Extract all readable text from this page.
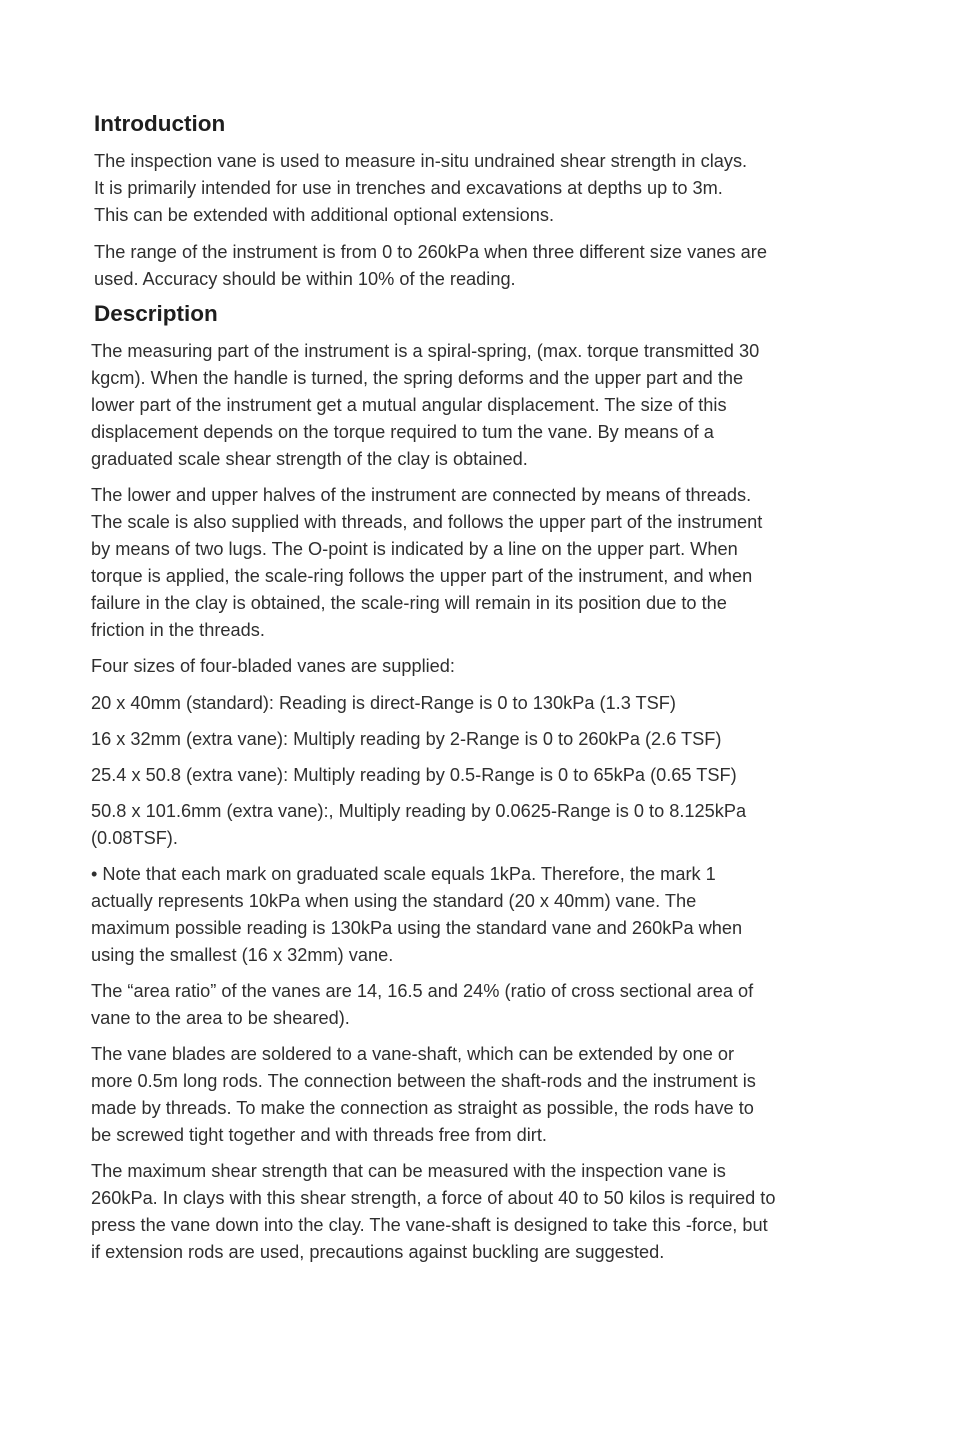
Introduction

The inspection vane is used to measure in-situ undrained shear strength in clays.
It is primarily intended for use in trenches and excavations at depths up to 3m.
This can be extended with additional optional extensions.

The range of the instrument is from 0 to 260kPa when three different size vanes are
used. Accuracy should be within 10% of the reading.

Description

The measuring part of the instrument is a spiral-spring, (max. torque transmitted 30
kgcm). When the handle is turned, the spring deforms and the upper part and the
lower part of the instrument get a mutual angular displacement. The size of this
displacement depends on the torque required to tum the vane. By means of a
graduated scale shear strength of the clay is obtained.

The lower and upper halves of the instrument are connected by means of threads.
The scale is also supplied with threads, and follows the upper part of the instrument
by means of two lugs. The O-point is indicated by a line on the upper part. When
torque is applied, the scale-ring follows the upper part of the instrument, and when
failure in the clay is obtained, the scale-ring will remain in its position due to the
friction in the threads.

Four sizes of four-bladed vanes are supplied:

20 x 40mm (standard): Reading is direct-Range is 0 to 130kPa (1.3 TSF)

16 x 32mm (extra vane): Multiply reading by 2-Range is 0 to 260kPa (2.6 TSF)

25.4 x 50.8 (extra vane): Multiply reading by 0.5-Range is 0 to 65kPa (0.65 TSF)

50.8 x 101.6mm (extra vane):, Multiply reading by 0.0625-Range is 0 to 8.125kPa
(0.08TSF).

• Note that each mark on graduated scale equals 1kPa. Therefore, the mark 1
actually represents 10kPa when using the standard (20 x 40mm) vane. The
maximum possible reading is 130kPa using the standard vane and 260kPa when
using the smallest (16 x 32mm) vane.

The “area ratio” of the vanes are 14, 16.5 and 24% (ratio of cross sectional area of
vane to the area to be sheared).

The vane blades are soldered to a vane-shaft, which can be extended by one or
more 0.5m long rods. The connection between the shaft-rods and the instrument is
made by threads. To make the connection as straight as possible, the rods have to
be screwed tight together and with threads free from dirt.

The maximum shear strength that can be measured with the inspection vane is
260kPa. In clays with this shear strength, a force of about 40 to 50 kilos is required to
press the vane down into the clay. The vane-shaft is designed to take this -force, but
if extension rods are used, precautions against buckling are suggested.
